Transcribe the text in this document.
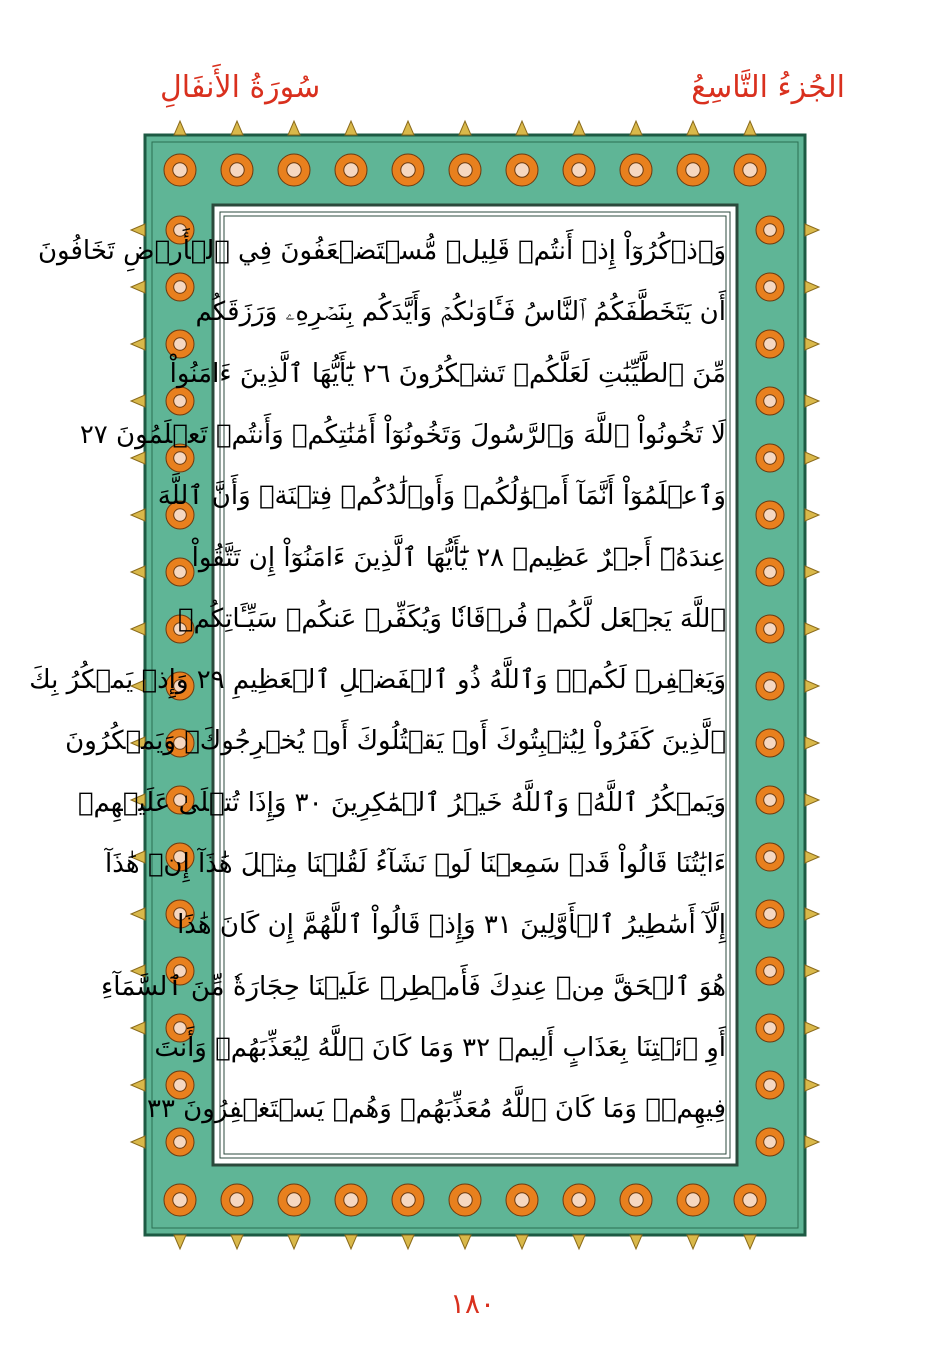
الجُزءُ التَّاسِعُ
سُورَةُ الأَنفَالِ
وَٱذۡكُرُوٓاْ إِذۡ أَنتُمۡ قَلِيلٞ مُّسۡتَضۡعَفُونَ فِي ٱلۡأَرۡضِ تَخَافُونَ
أَن يَتَخَطَّفَكُمُ ٱلنَّاسُ فَـَٔاوَىٰكُمۡ وَأَيَّدَكُم بِنَصۡرِهِۦ وَرَزَقَكُم
مِّنَ ٱلطَّيِّبَٰتِ لَعَلَّكُمۡ تَشۡكُرُونَ ٢٦ يَٰٓأَيُّهَا ٱلَّذِينَ ءَامَنُواْ
لَا تَخُونُواْ ٱللَّهَ وَٱلرَّسُولَ وَتَخُونُوٓاْ أَمَٰنَٰتِكُمۡ وَأَنتُمۡ تَعۡلَمُونَ ٢٧
وَٱعۡلَمُوٓاْ أَنَّمَآ أَمۡوَٰلُكُمۡ وَأَوۡلَٰدُكُمۡ فِتۡنَةٞ وَأَنَّ ٱللَّهَ
عِندَهُۥٓ أَجۡرٌ عَظِيمٞ ٢٨ يَٰٓأَيُّهَا ٱلَّذِينَ ءَامَنُوٓاْ إِن تَتَّقُواْ
ٱللَّهَ يَجۡعَل لَّكُمۡ فُرۡقَانٗا وَيُكَفِّرۡ عَنكُمۡ سَيِّـَٔاتِكُمۡ
وَيَغۡفِرۡ لَكُمۡۗ وَٱللَّهُ ذُو ٱلۡفَضۡلِ ٱلۡعَظِيمِ ٢٩ وَإِذۡ يَمۡكُرُ بِكَ
ٱلَّذِينَ كَفَرُواْ لِيُثۡبِتُوكَ أَوۡ يَقۡتُلُوكَ أَوۡ يُخۡرِجُوكَۚ وَيَمۡكُرُونَ
وَيَمۡكُرُ ٱللَّهُۖ وَٱللَّهُ خَيۡرُ ٱلۡمَٰكِرِينَ ٣٠ وَإِذَا تُتۡلَىٰ عَلَيۡهِمۡ
ءَايَٰتُنَا قَالُواْ قَدۡ سَمِعۡنَا لَوۡ نَشَآءُ لَقُلۡنَا مِثۡلَ هَٰذَآ إِنۡ هَٰذَآ
إِلَّآ أَسَٰطِيرُ ٱلۡأَوَّلِينَ ٣١ وَإِذۡ قَالُواْ ٱللَّهُمَّ إِن كَانَ هَٰذَا
هُوَ ٱلۡحَقَّ مِنۡ عِندِكَ فَأَمۡطِرۡ عَلَيۡنَا حِجَارَةٗ مِّنَ ٱلسَّمَآءِ
أَوِ ٱئۡتِنَا بِعَذَابٍ أَلِيمٖ ٣٢ وَمَا كَانَ ٱللَّهُ لِيُعَذِّبَهُمۡ وَأَنتَ
فِيهِمۡۚ وَمَا كَانَ ٱللَّهُ مُعَذِّبَهُمۡ وَهُمۡ يَسۡتَغۡفِرُونَ ٣٣
١٨٠
